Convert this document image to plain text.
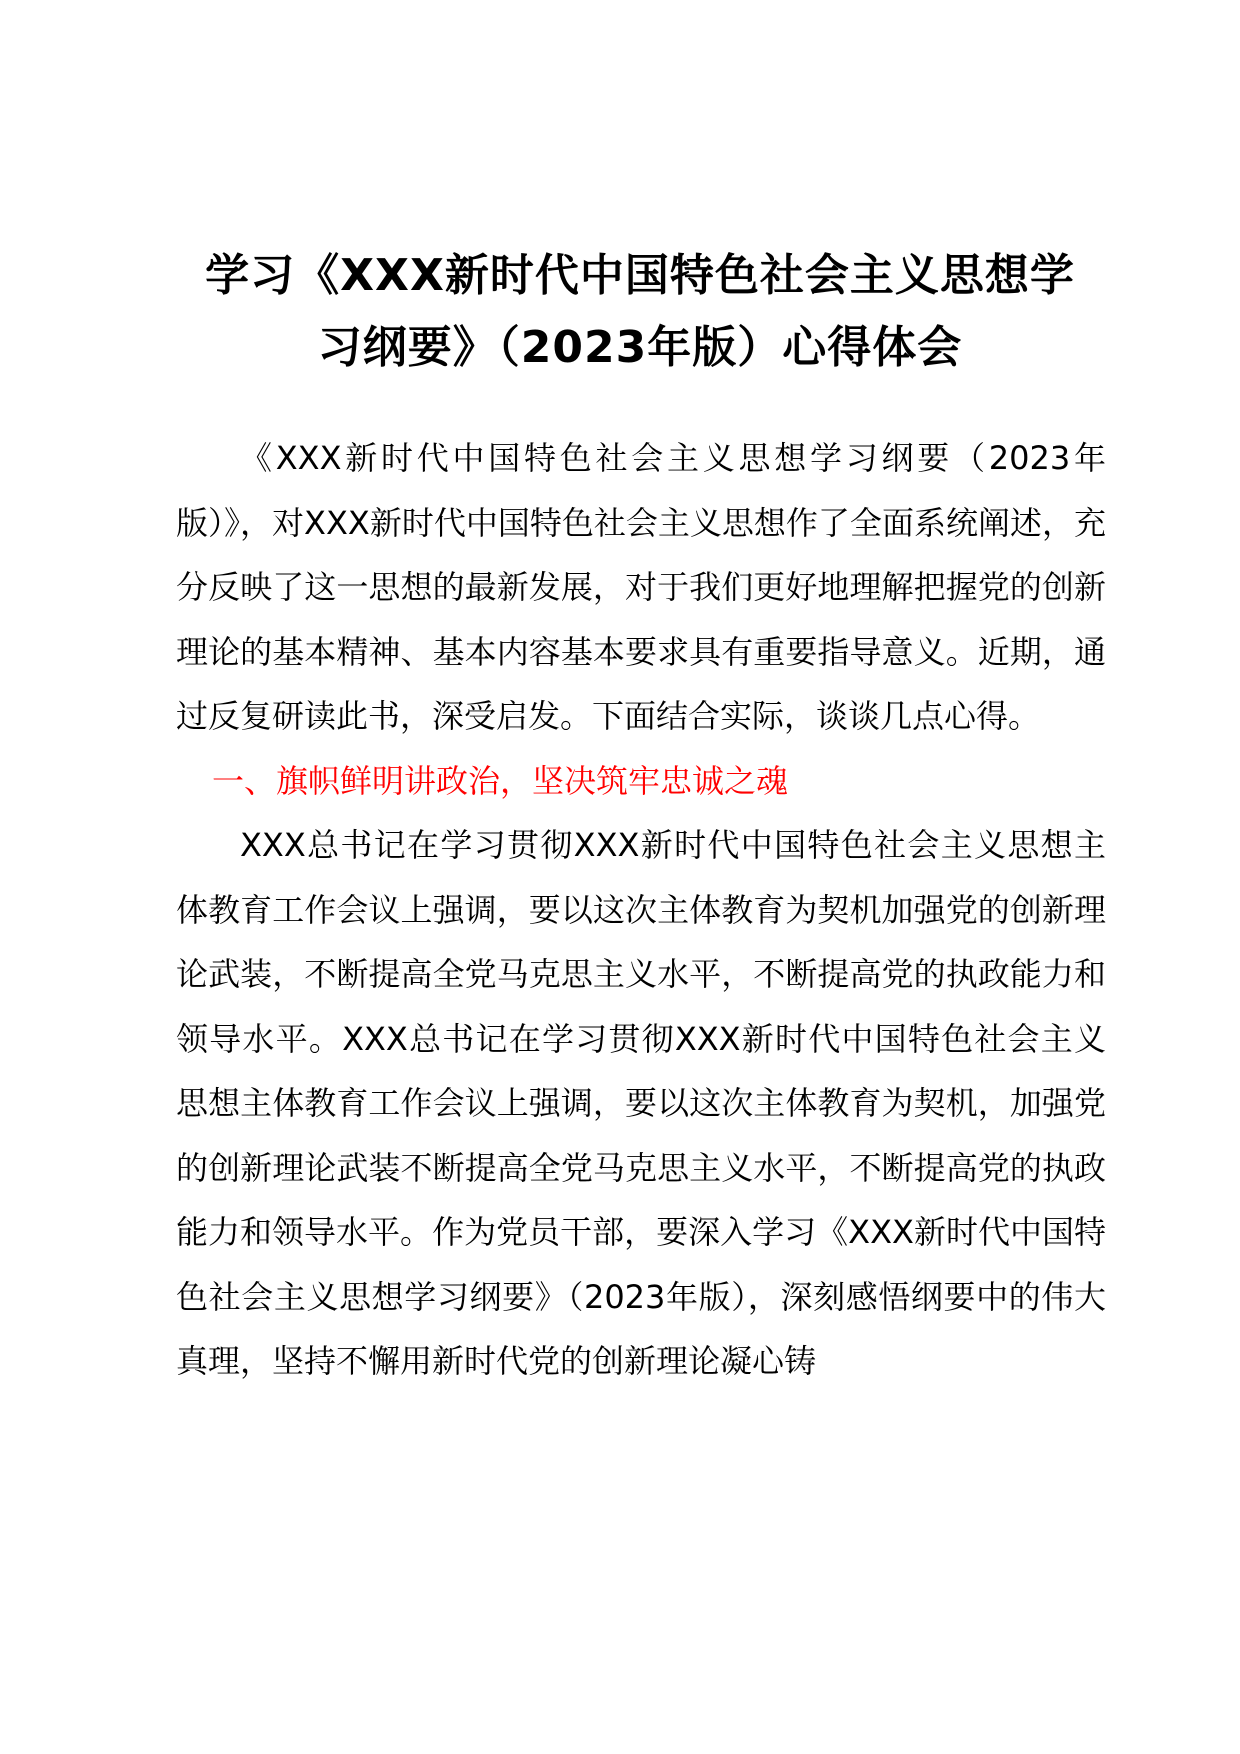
学习《XXX新时代中国特色社会主义思想学
习纲要》（2023年版）心得体会

《XXX新时代中国特色社会主义思想学习纲要（2023年版）》，对XXX新时代中国特色社会主义思想作了全面系统阐述，充分反映了这一思想的最新发展，对于我们更好地理解把握党的创新理论的基本精神、基本内容基本要求具有重要指导意义。近期，通过反复研读此书，深受启发。下面结合实际，谈谈几点心得。

一、旗帜鲜明讲政治，坚决筑牢忠诚之魂

XXX总书记在学习贯彻XXX新时代中国特色社会主义思想主体教育工作会议上强调，要以这次主体教育为契机加强党的创新理论武装，不断提高全党马克思主义水平，不断提高党的执政能力和领导水平。XXX总书记在学习贯彻XXX新时代中国特色社会主义思想主体教育工作会议上强调，要以这次主体教育为契机，加强党的创新理论武装不断提高全党马克思主义水平，不断提高党的执政能力和领导水平。作为党员干部，要深入学习《XXX新时代中国特色社会主义思想学习纲要》（2023年版），深刻感悟纲要中的伟大真理，坚持不懈用新时代党的创新理论凝心铸
